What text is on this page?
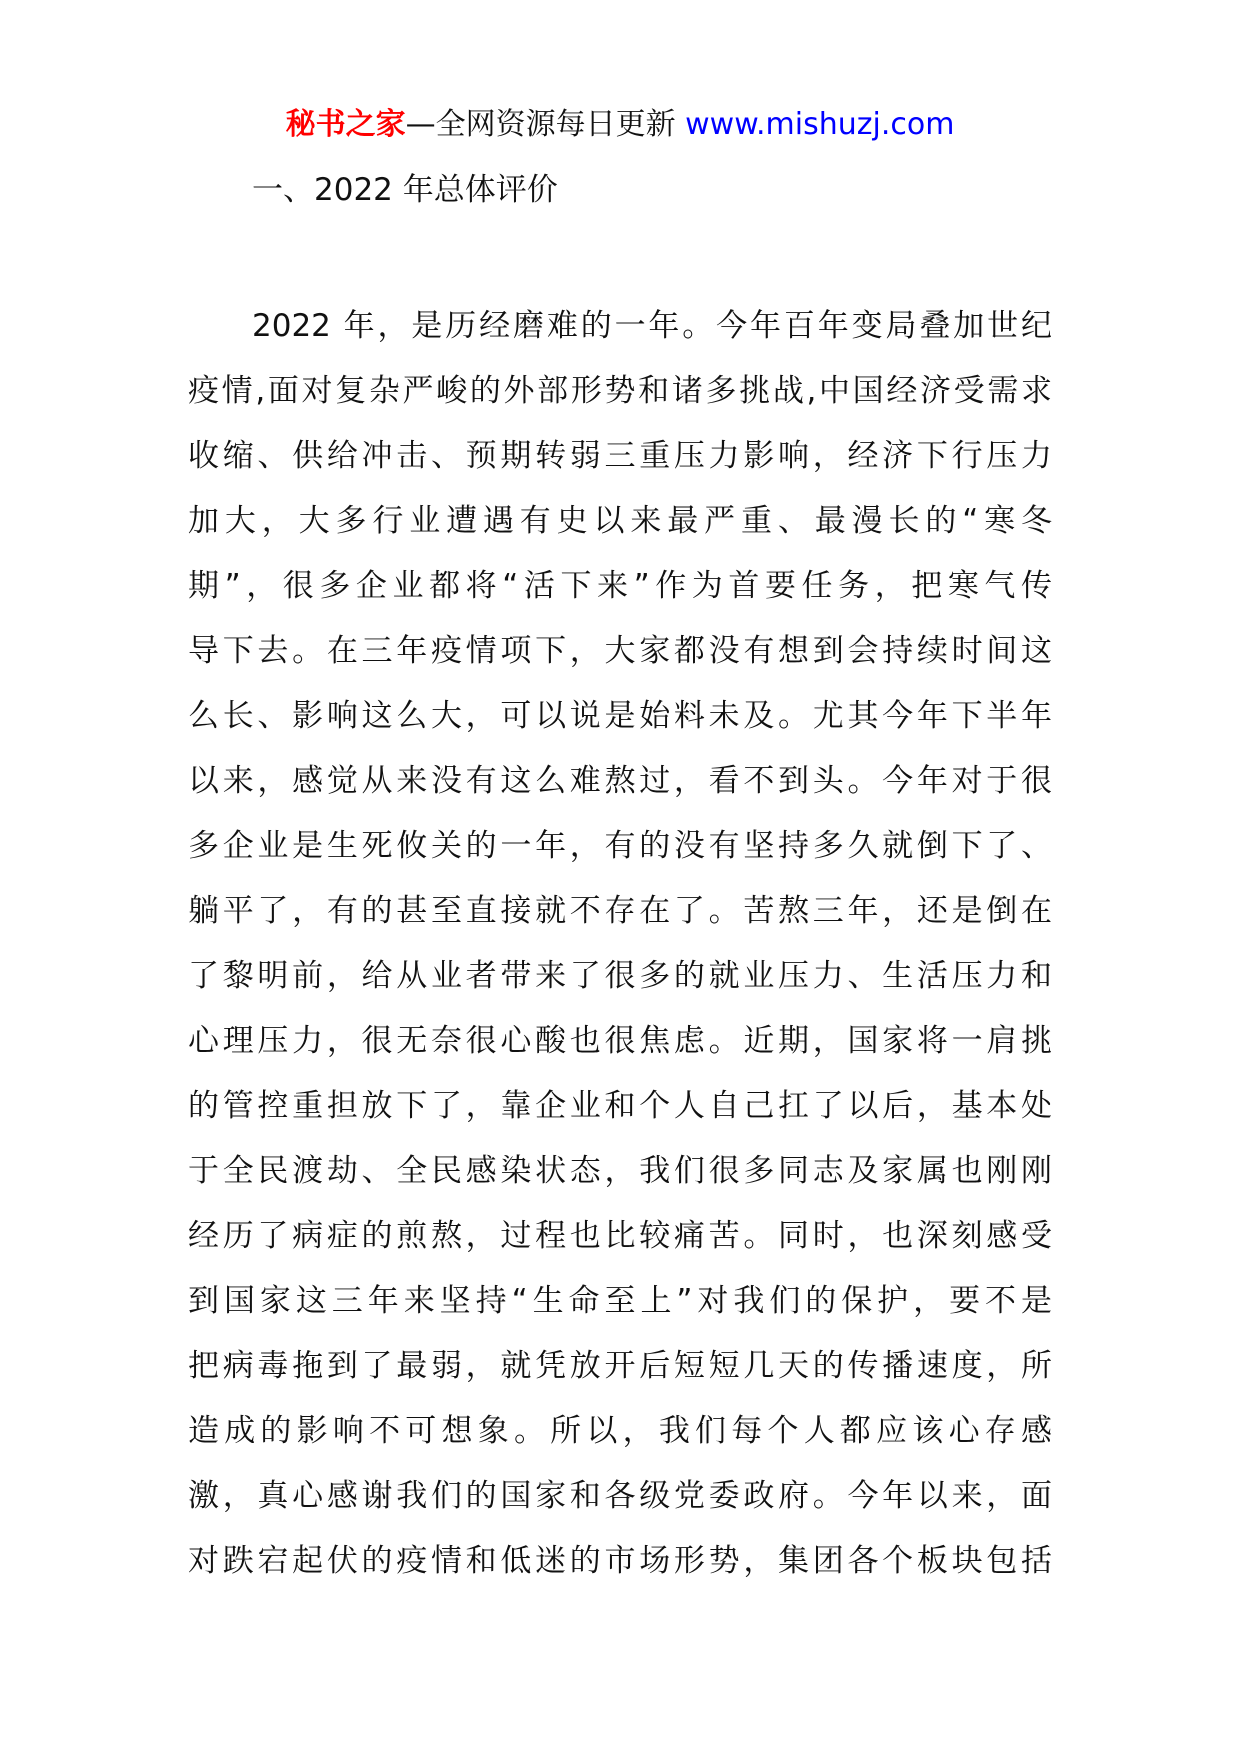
秘书之家—全网资源每日更新 www.mishuzj.com
一、2022 年总体评价
2022 年，是历经磨难的一年。今年百年变局叠加世纪
疫情,面对复杂严峻的外部形势和诸多挑战,中国经济受需求
收缩、供给冲击、预期转弱三重压力影响，经济下行压力
加大，大多行业遭遇有史以来最严重、最漫长的“寒冬
期”，很多企业都将“活下来”作为首要任务，把寒气传
导下去。在三年疫情项下，大家都没有想到会持续时间这
么长、影响这么大，可以说是始料未及。尤其今年下半年
以来，感觉从来没有这么难熬过，看不到头。今年对于很
多企业是生死攸关的一年，有的没有坚持多久就倒下了、
躺平了，有的甚至直接就不存在了。苦熬三年，还是倒在
了黎明前，给从业者带来了很多的就业压力、生活压力和
心理压力，很无奈很心酸也很焦虑。近期，国家将一肩挑
的管控重担放下了，靠企业和个人自己扛了以后，基本处
于全民渡劫、全民感染状态，我们很多同志及家属也刚刚
经历了病症的煎熬，过程也比较痛苦。同时，也深刻感受
到国家这三年来坚持“生命至上”对我们的保护，要不是
把病毒拖到了最弱，就凭放开后短短几天的传播速度，所
造成的影响不可想象。所以，我们每个人都应该心存感
激，真心感谢我们的国家和各级党委政府。今年以来，面
对跌宕起伏的疫情和低迷的市场形势，集团各个板块包括
